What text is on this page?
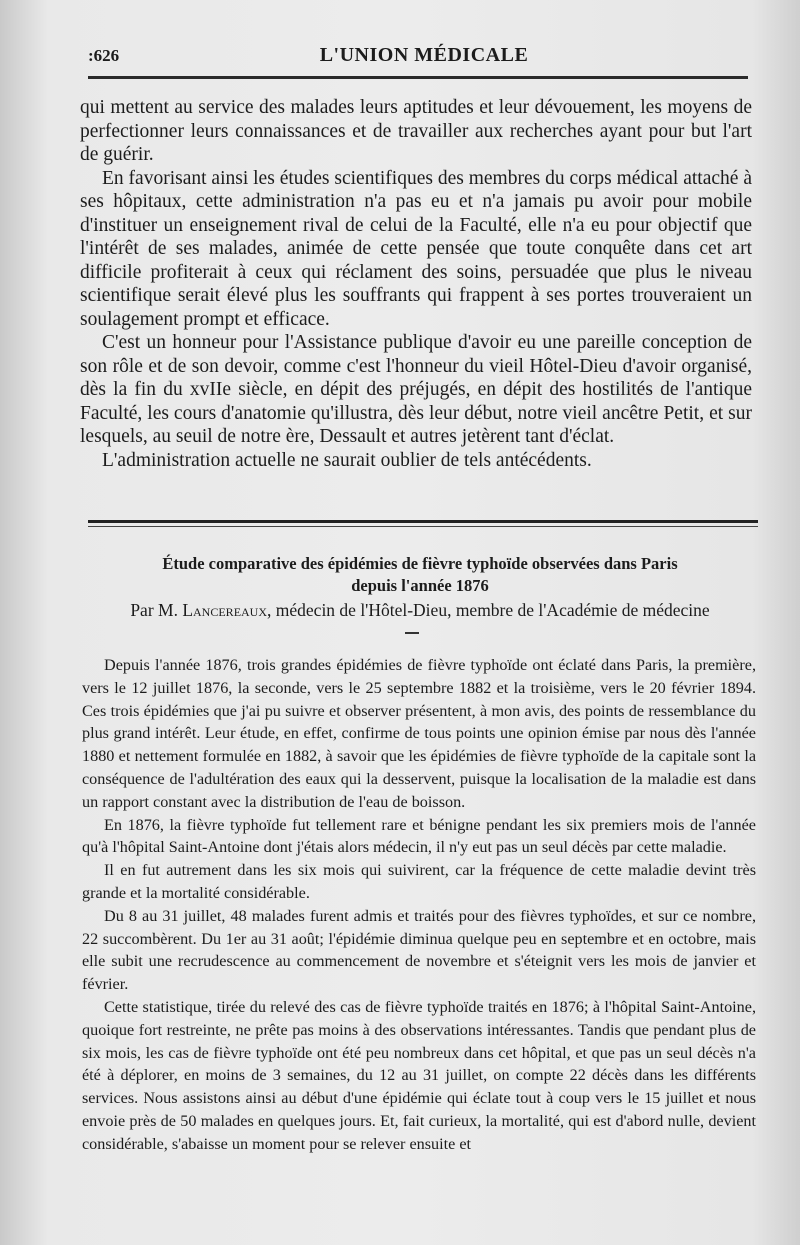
:626	L'UNION MÉDICALE

qui mettent au service des malades leurs aptitudes et leur dévouement, les moyens de perfectionner leurs connaissances et de travailler aux recherches ayant pour but l'art de guérir.

En favorisant ainsi les études scientifiques des membres du corps médical attaché à ses hôpitaux, cette administration n'a pas eu et n'a jamais pu avoir pour mobile d'instituer un enseignement rival de celui de la Faculté, elle n'a eu pour objectif que l'intérêt de ses malades, animée de cette pensée que toute conquête dans cet art difficile profiterait à ceux qui réclament des soins, persuadée que plus le niveau scientifique serait élevé plus les souffrants qui frappent à ses portes trouveraient un soulagement prompt et efficace.

C'est un honneur pour l'Assistance publique d'avoir eu une pareille conception de son rôle et de son devoir, comme c'est l'honneur du vieil Hôtel-Dieu d'avoir organisé, dès la fin du xvIIe siècle, en dépit des préjugés, en dépit des hostilités de l'antique Faculté, les cours d'anatomie qu'illustra, dès leur début, notre vieil ancêtre Petit, et sur lesquels, au seuil de notre ère, Dessault et autres jetèrent tant d'éclat.

L'administration actuelle ne saurait oublier de tels antécédents.

Étude comparative des épidémies de fièvre typhoïde observées dans Paris
depuis l'année 1876
Par M. Lancereaux, médecin de l'Hôtel-Dieu, membre de l'Académie de médecine

Depuis l'année 1876, trois grandes épidémies de fièvre typhoïde ont éclaté dans Paris, la première, vers le 12 juillet 1876, la seconde, vers le 25 septembre 1882 et la troisième, vers le 20 février 1894. Ces trois épidémies que j'ai pu suivre et observer présentent, à mon avis, des points de ressemblance du plus grand intérêt. Leur étude, en effet, confirme de tous points une opinion émise par nous dès l'année 1880 et nettement formulée en 1882, à savoir que les épidémies de fièvre typhoïde de la capitale sont la conséquence de l'adultération des eaux qui la desservent, puisque la localisation de la maladie est dans un rapport constant avec la distribution de l'eau de boisson.

En 1876, la fièvre typhoïde fut tellement rare et bénigne pendant les six premiers mois de l'année qu'à l'hôpital Saint-Antoine dont j'étais alors médecin, il n'y eut pas un seul décès par cette maladie.

Il en fut autrement dans les six mois qui suivirent, car la fréquence de cette maladie devint très grande et la mortalité considérable.

Du 8 au 31 juillet, 48 malades furent admis et traités pour des fièvres typhoïdes, et sur ce nombre, 22 succombèrent. Du 1er au 31 août; l'épidémie diminua quelque peu en septembre et en octobre, mais elle subit une recrudescence au commencement de novembre et s'éteignit vers les mois de janvier et février.

Cette statistique, tirée du relevé des cas de fièvre typhoïde traités en 1876; à l'hôpital Saint-Antoine, quoique fort restreinte, ne prête pas moins à des observations intéressantes. Tandis que pendant plus de six mois, les cas de fièvre typhoïde ont été peu nombreux dans cet hôpital, et que pas un seul décès n'a été à déplorer, en moins de 3 semaines, du 12 au 31 juillet, on compte 22 décès dans les différents services. Nous assistons ainsi au début d'une épidémie qui éclate tout à coup vers le 15 juillet et nous envoie près de 50 malades en quelques jours. Et, fait curieux, la mortalité, qui est d'abord nulle, devient considérable, s'abaisse un moment pour se relever ensuite et
